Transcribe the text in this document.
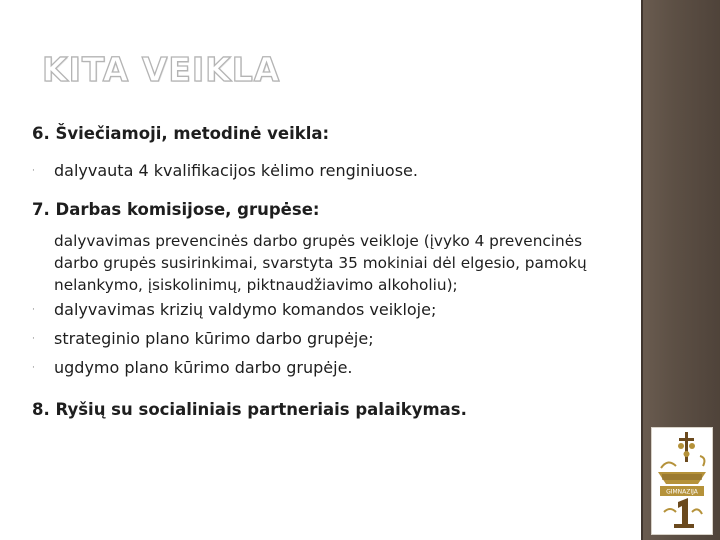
KITA VEIKLA

6. Šviečiamoji, metodinė veikla:

·	dalyvauta 4 kvalifikacijos kėlimo renginiuose.

7. Darbas komisijose, grupėse:

dalyvavimas prevencinės darbo grupės veikloje (įvyko 4 prevencinės
darbo grupės susirinkimai, svarstyta 35 mokiniai dėl elgesio, pamokų
nelankymo, įsiskolinimų, piktnaudžiavimo alkoholiu);
·	dalyvavimas krizių valdymo komandos veikloje;
·	strateginio plano kūrimo darbo grupėje;
·	ugdymo plano kūrimo darbo grupėje.

8. Ryšių su socialiniais partneriais palaikymas.

GIMNAZIJA
